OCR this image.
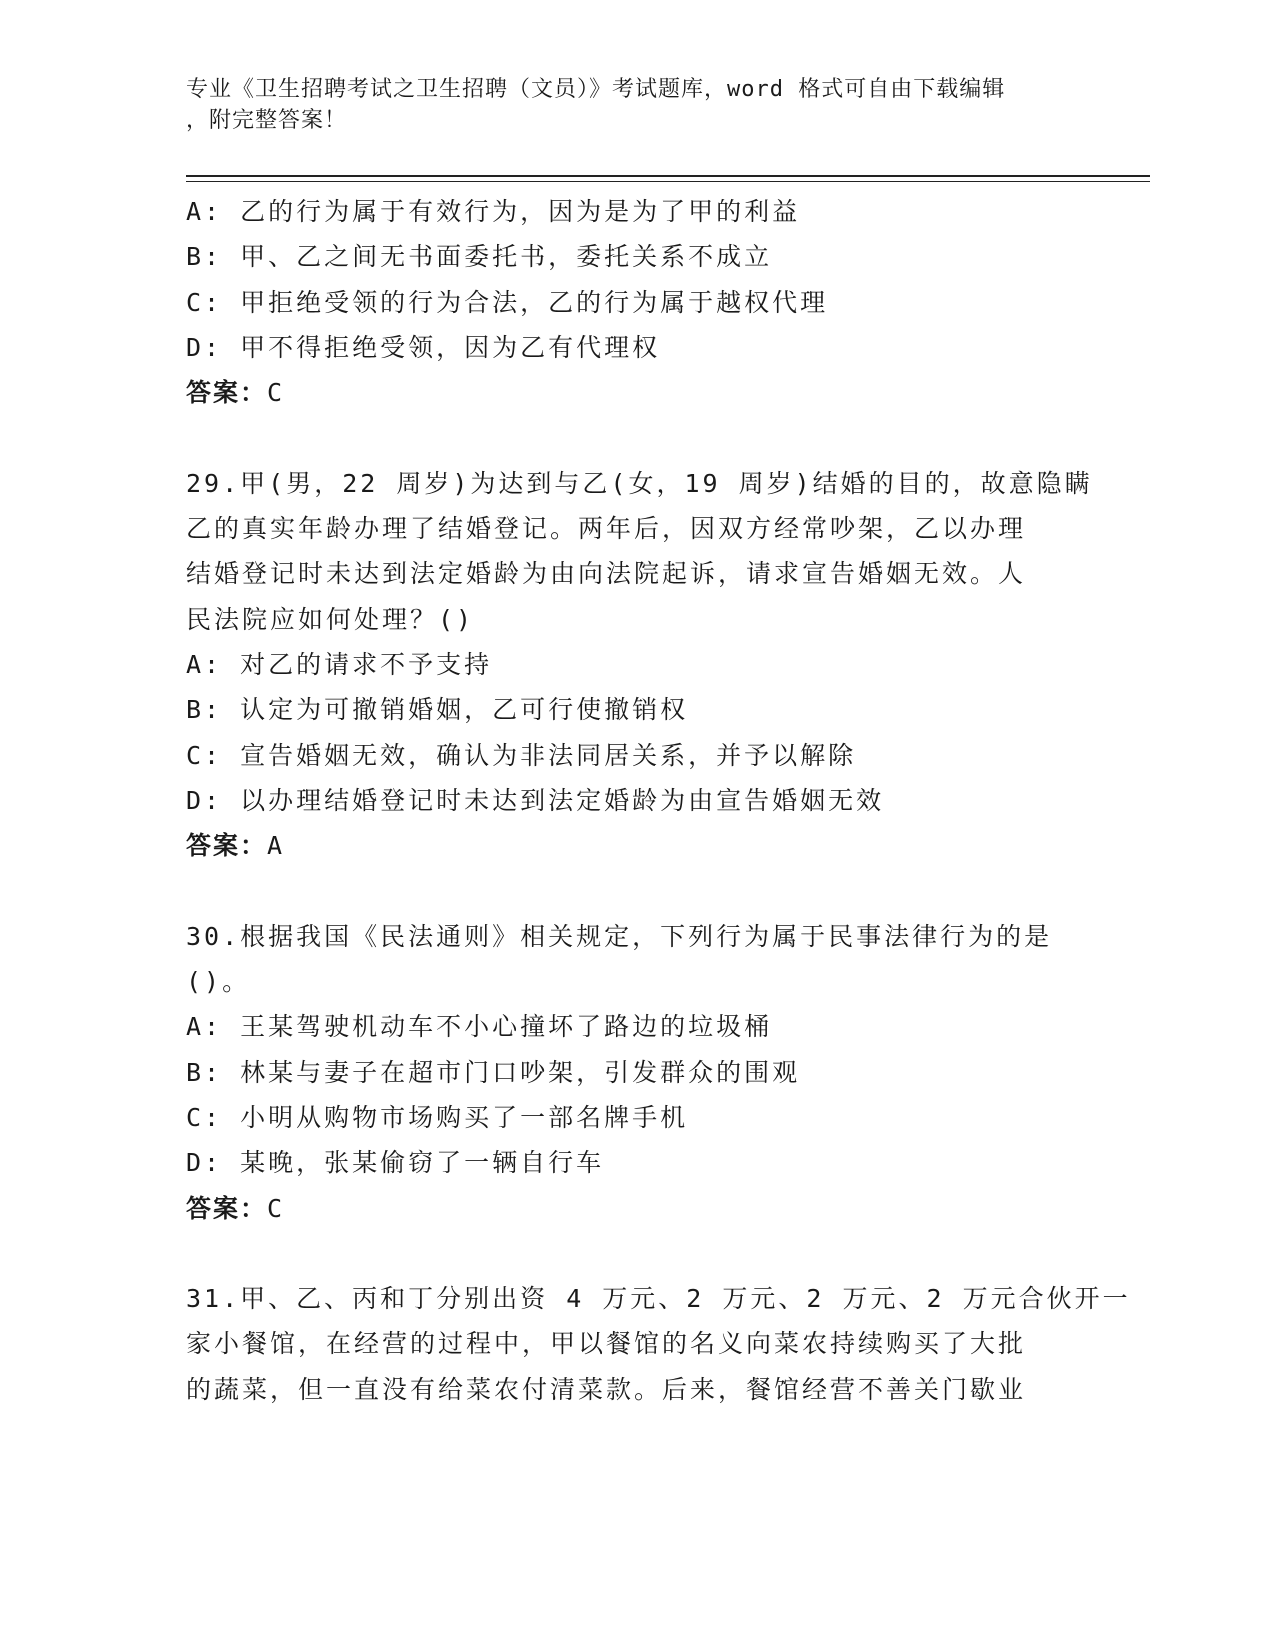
专业《卫生招聘考试之卫生招聘（文员）》考试题库，word 格式可自由下载编辑
，附完整答案！
A: 乙的行为属于有效行为，因为是为了甲的利益
B: 甲、乙之间无书面委托书，委托关系不成立
C: 甲拒绝受领的行为合法，乙的行为属于越权代理
D: 甲不得拒绝受领，因为乙有代理权
答案：C
29.甲(男，22 周岁)为达到与乙(女，19 周岁)结婚的目的，故意隐瞒
乙的真实年龄办理了结婚登记。两年后，因双方经常吵架，乙以办理
结婚登记时未达到法定婚龄为由向法院起诉，请求宣告婚姻无效。人
民法院应如何处理？()
A: 对乙的请求不予支持
B: 认定为可撤销婚姻，乙可行使撤销权
C: 宣告婚姻无效，确认为非法同居关系，并予以解除
D: 以办理结婚登记时未达到法定婚龄为由宣告婚姻无效
答案：A
30.根据我国《民法通则》相关规定，下列行为属于民事法律行为的是
()。
A: 王某驾驶机动车不小心撞坏了路边的垃圾桶
B: 林某与妻子在超市门口吵架，引发群众的围观
C: 小明从购物市场购买了一部名牌手机
D: 某晚，张某偷窃了一辆自行车
答案：C
31.甲、乙、丙和丁分别出资 4 万元、2 万元、2 万元、2 万元合伙开一
家小餐馆，在经营的过程中，甲以餐馆的名义向菜农持续购买了大批
的蔬菜，但一直没有给菜农付清菜款。后来，餐馆经营不善关门歇业
